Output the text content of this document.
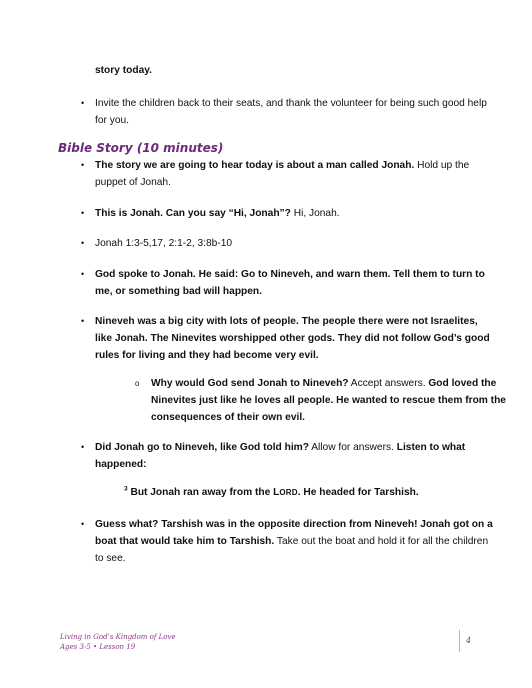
story today.

• Invite the children back to their seats, and thank the volunteer for being such good help

for you.

Bible Story (10 minutes)
• The story we are going to hear today is about a man called Jonah. Hold up the

puppet of Jonah.

• This is Jonah. Can you say “Hi, Jonah”? Hi, Jonah.

• Jonah 1:3-5,17, 2:1-2, 3:8b-10

• God spoke to Jonah. He said: Go to Nineveh, and warn them. Tell them to turn to

me, or something bad will happen.

• Nineveh was a big city with lots of people. The people there were not Israelites,

like Jonah. The Ninevites worshipped other gods. They did not follow God’s good

rules for living and they had become very evil.

o Why would God send Jonah to Nineveh? Accept answers. God loved the

Ninevites just like he loves all people. He wanted to rescue them from the

consequences of their own evil.

• Did Jonah go to Nineveh, like God told him? Allow for answers. Listen to what

happened:

$^3$ But Jonah ran away from the LORD. He headed for Tarshish.

• Guess what? Tarshish was in the opposite direction from Nineveh! Jonah got on a

boat that would take him to Tarshish. Take out the boat and hold it for all the children

to see.

Living in God’s Kingdom of Love
Ages 3-5 • Lesson 19
4
